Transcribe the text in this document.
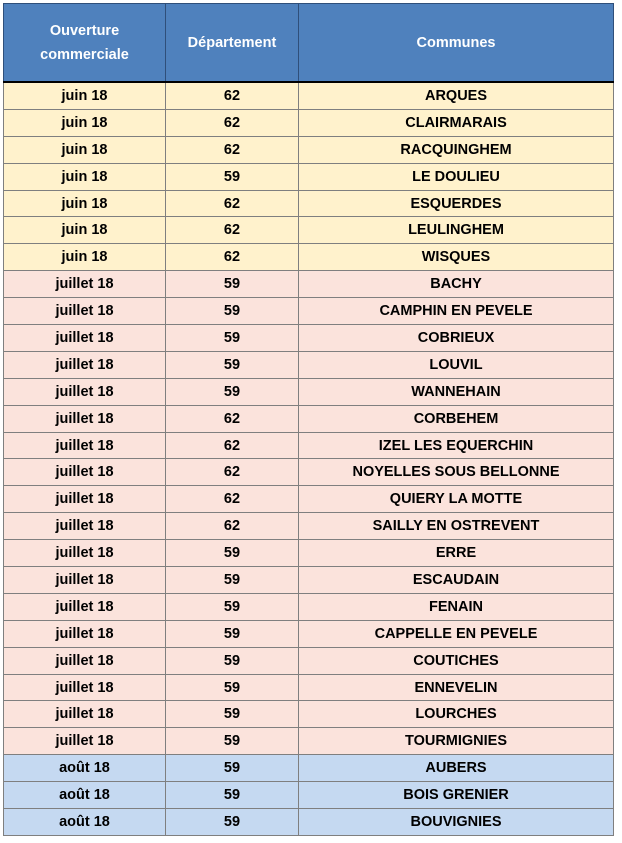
Ouverture commerciale	Département	Communes
juin 18	62	ARQUES
juin 18	62	CLAIRMARAIS
juin 18	62	RACQUINGHEM
juin 18	59	LE DOULIEU
juin 18	62	ESQUERDES
juin 18	62	LEULINGHEM
juin 18	62	WISQUES
juillet 18	59	BACHY
juillet 18	59	CAMPHIN EN PEVELE
juillet 18	59	COBRIEUX
juillet 18	59	LOUVIL
juillet 18	59	WANNEHAIN
juillet 18	62	CORBEHEM
juillet 18	62	IZEL LES EQUERCHIN
juillet 18	62	NOYELLES SOUS BELLONNE
juillet 18	62	QUIERY LA MOTTE
juillet 18	62	SAILLY EN OSTREVENT
juillet 18	59	ERRE
juillet 18	59	ESCAUDAIN
juillet 18	59	FENAIN
juillet 18	59	CAPPELLE EN PEVELE
juillet 18	59	COUTICHES
juillet 18	59	ENNEVELIN
juillet 18	59	LOURCHES
juillet 18	59	TOURMIGNIES
août 18	59	AUBERS
août 18	59	BOIS GRENIER
août 18	59	BOUVIGNIES
